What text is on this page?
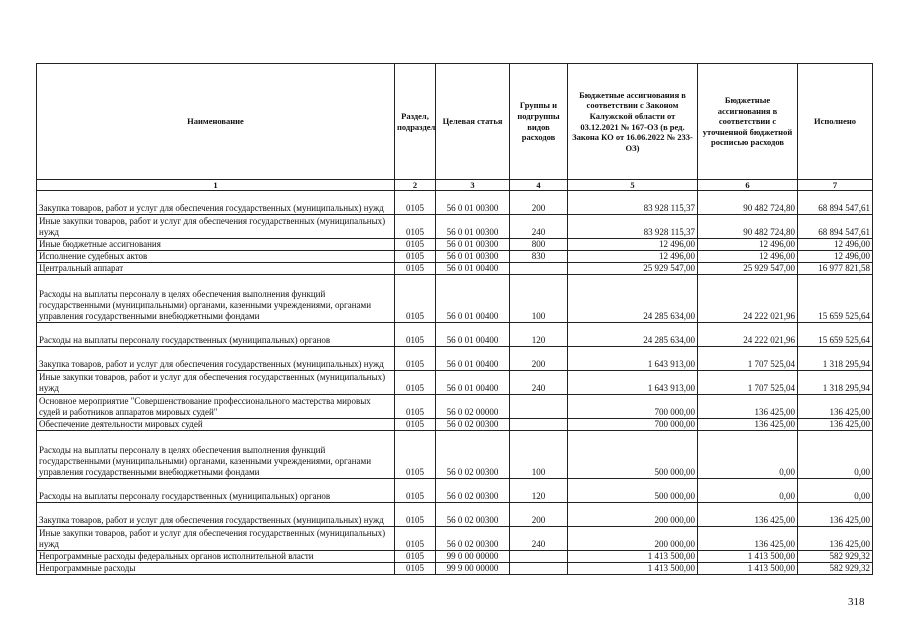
Наименование	Раздел, подраздел	Целевая статья	Группы и подгруппы видов расходов	Бюджетные ассигнования в соответствии с Законом Калужской области от 03.12.2021 № 167-ОЗ (в ред. Закона КО от 16.06.2022 № 233-ОЗ)	Бюджетные ассигнования в соответствии с уточненной бюджетной росписью расходов	Исполнено
1	2	3	4	5	6	7
Закупка товаров, работ и услуг для обеспечения государственных (муниципальных) нужд	0105	56 0 01 00300	200	83 928 115,37	90 482 724,80	68 894 547,61
Иные закупки товаров, работ и услуг для обеспечения государственных (муниципальных) нужд	0105	56 0 01 00300	240	83 928 115,37	90 482 724,80	68 894 547,61
Иные бюджетные ассигнования	0105	56 0 01 00300	800	12 496,00	12 496,00	12 496,00
Исполнение судебных актов	0105	56 0 01 00300	830	12 496,00	12 496,00	12 496,00
Центральный аппарат	0105	56 0 01 00400		25 929 547,00	25 929 547,00	16 977 821,58
Расходы на выплаты персоналу в целях обеспечения выполнения функций государственными (муниципальными) органами, казенными учреждениями, органами управления государственными внебюджетными фондами	0105	56 0 01 00400	100	24 285 634,00	24 222 021,96	15 659 525,64
Расходы на выплаты персоналу государственных (муниципальных) органов	0105	56 0 01 00400	120	24 285 634,00	24 222 021,96	15 659 525,64
Закупка товаров, работ и услуг для обеспечения государственных (муниципальных) нужд	0105	56 0 01 00400	200	1 643 913,00	1 707 525,04	1 318 295,94
Иные закупки товаров, работ и услуг для обеспечения государственных (муниципальных) нужд	0105	56 0 01 00400	240	1 643 913,00	1 707 525,04	1 318 295,94
Основное мероприятие "Совершенствование профессионального мастерства мировых судей и работников аппаратов мировых судей"	0105	56 0 02 00000		700 000,00	136 425,00	136 425,00
Обеспечение деятельности мировых судей	0105	56 0 02 00300		700 000,00	136 425,00	136 425,00
Расходы на выплаты персоналу в целях обеспечения выполнения функций государственными (муниципальными) органами, казенными учреждениями, органами управления государственными внебюджетными фондами	0105	56 0 02 00300	100	500 000,00	0,00	0,00
Расходы на выплаты персоналу государственных (муниципальных) органов	0105	56 0 02 00300	120	500 000,00	0,00	0,00
Закупка товаров, работ и услуг для обеспечения государственных (муниципальных) нужд	0105	56 0 02 00300	200	200 000,00	136 425,00	136 425,00
Иные закупки товаров, работ и услуг для обеспечения государственных (муниципальных) нужд	0105	56 0 02 00300	240	200 000,00	136 425,00	136 425,00
Непрограммные расходы федеральных органов исполнительной власти	0105	99 0 00 00000		1 413 500,00	1 413 500,00	582 929,32
Непрограммные расходы	0105	99 9 00 00000		1 413 500,00	1 413 500,00	582 929,32
318
